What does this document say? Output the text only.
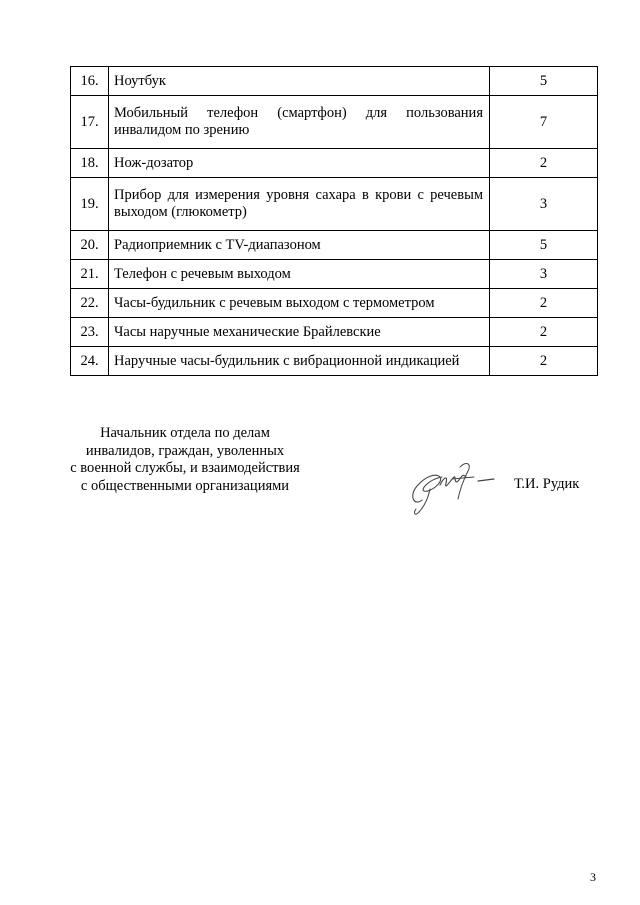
16.	Ноутбук	5
17.	Мобильный телефон (смартфон) для пользования инвалидом по зрению	7
18.	Нож-дозатор	2
19.	Прибор для измерения уровня сахара в крови с речевым выходом (глюкометр)	3
20.	Радиоприемник с TV-диапазоном	5
21.	Телефон с речевым выходом	3
22.	Часы-будильник с речевым выходом с термометром	2
23.	Часы наручные механические Брайлевские	2
24.	Наручные часы-будильник с вибрационной индикацией	2
Начальник отдела по делам
инвалидов, граждан, уволенных
с военной службы, и взаимодействия
с общественными организациями	Т.И. Рудик
3
